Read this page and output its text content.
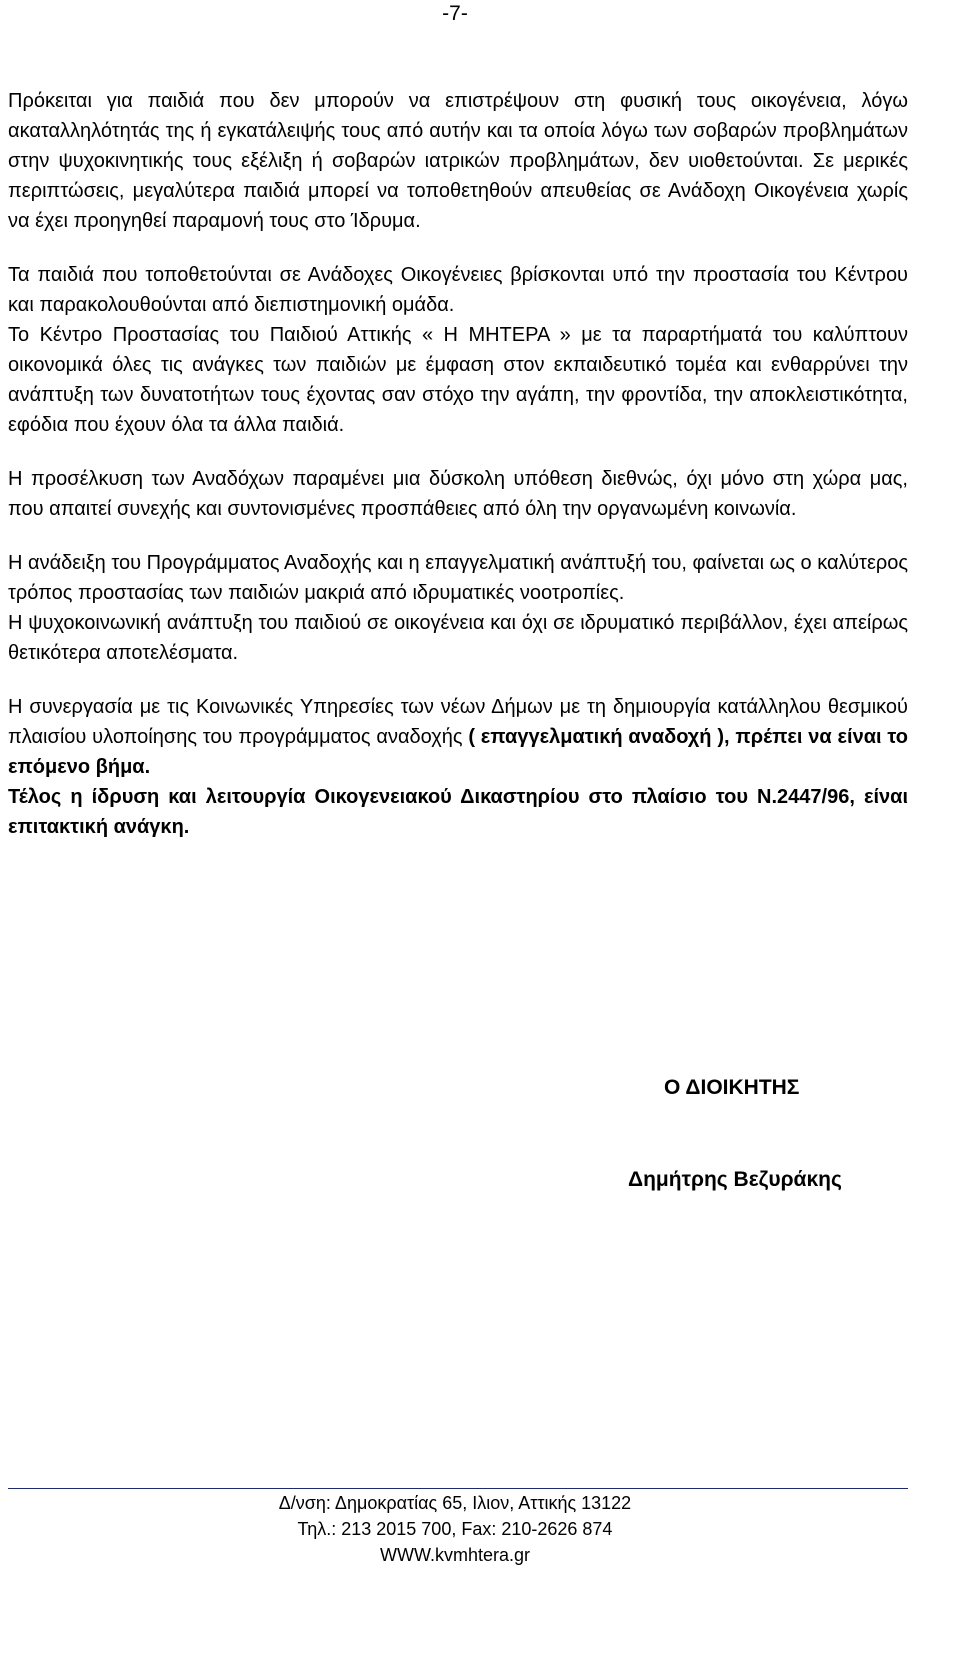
-7-

Πρόκειται για παιδιά που δεν μπορούν να επιστρέψουν στη φυσική τους οικογένεια, λόγω ακαταλληλότητάς της ή εγκατάλειψής τους από αυτήν και τα οποία λόγω των σοβαρών προβλημάτων στην ψυχοκινητικής τους εξέλιξη ή σοβαρών ιατρικών προβλημάτων, δεν υιοθετούνται. Σε μερικές περιπτώσεις, μεγαλύτερα παιδιά μπορεί να τοποθετηθούν απευθείας σε Ανάδοχη Οικογένεια χωρίς να έχει προηγηθεί παραμονή τους στο Ίδρυμα.

Τα παιδιά που τοποθετούνται σε Ανάδοχες Οικογένειες βρίσκονται υπό την προστασία του Κέντρου και παρακολουθούνται από διεπιστημονική ομάδα.

Το Κέντρο Προστασίας του Παιδιού Αττικής « Η ΜΗΤΕΡΑ » με τα παραρτήματά του καλύπτουν οικονομικά όλες τις ανάγκες των παιδιών με έμφαση στον εκπαιδευτικό τομέα και ενθαρρύνει την ανάπτυξη των δυνατοτήτων τους έχοντας σαν στόχο την αγάπη, την φροντίδα, την αποκλειστικότητα, εφόδια που έχουν όλα τα άλλα παιδιά.

Η προσέλκυση των Αναδόχων παραμένει μια δύσκολη υπόθεση διεθνώς, όχι μόνο στη χώρα μας, που απαιτεί συνεχής και συντονισμένες προσπάθειες από όλη την οργανωμένη κοινωνία.

Η ανάδειξη του Προγράμματος Αναδοχής και η επαγγελματική ανάπτυξή του, φαίνεται ως ο καλύτερος τρόπος προστασίας των παιδιών μακριά από ιδρυματικές νοοτροπίες.

Η ψυχοκοινωνική ανάπτυξη του παιδιού σε οικογένεια και όχι σε ιδρυματικό περιβάλλον, έχει απείρως θετικότερα αποτελέσματα.

Η συνεργασία με τις Κοινωνικές Υπηρεσίες των νέων Δήμων με τη δημιουργία κατάλληλου θεσμικού πλαισίου υλοποίησης του προγράμματος αναδοχής ( επαγγελματική αναδοχή ), πρέπει να είναι το επόμενο βήμα.

Τέλος η ίδρυση και λειτουργία Οικογενειακού Δικαστηρίου στο πλαίσιο του Ν.2447/96, είναι επιτακτική ανάγκη.

Ο ΔΙΟΙΚΗΤΗΣ
Δημήτρης Βεζυράκης
Δ/νση: Δημοκρατίας 65, Ιλιον, Αττικής 13122
Τηλ.: 213 2015 700, Fax: 210-2626 874
WWW.kvmhtera.gr
